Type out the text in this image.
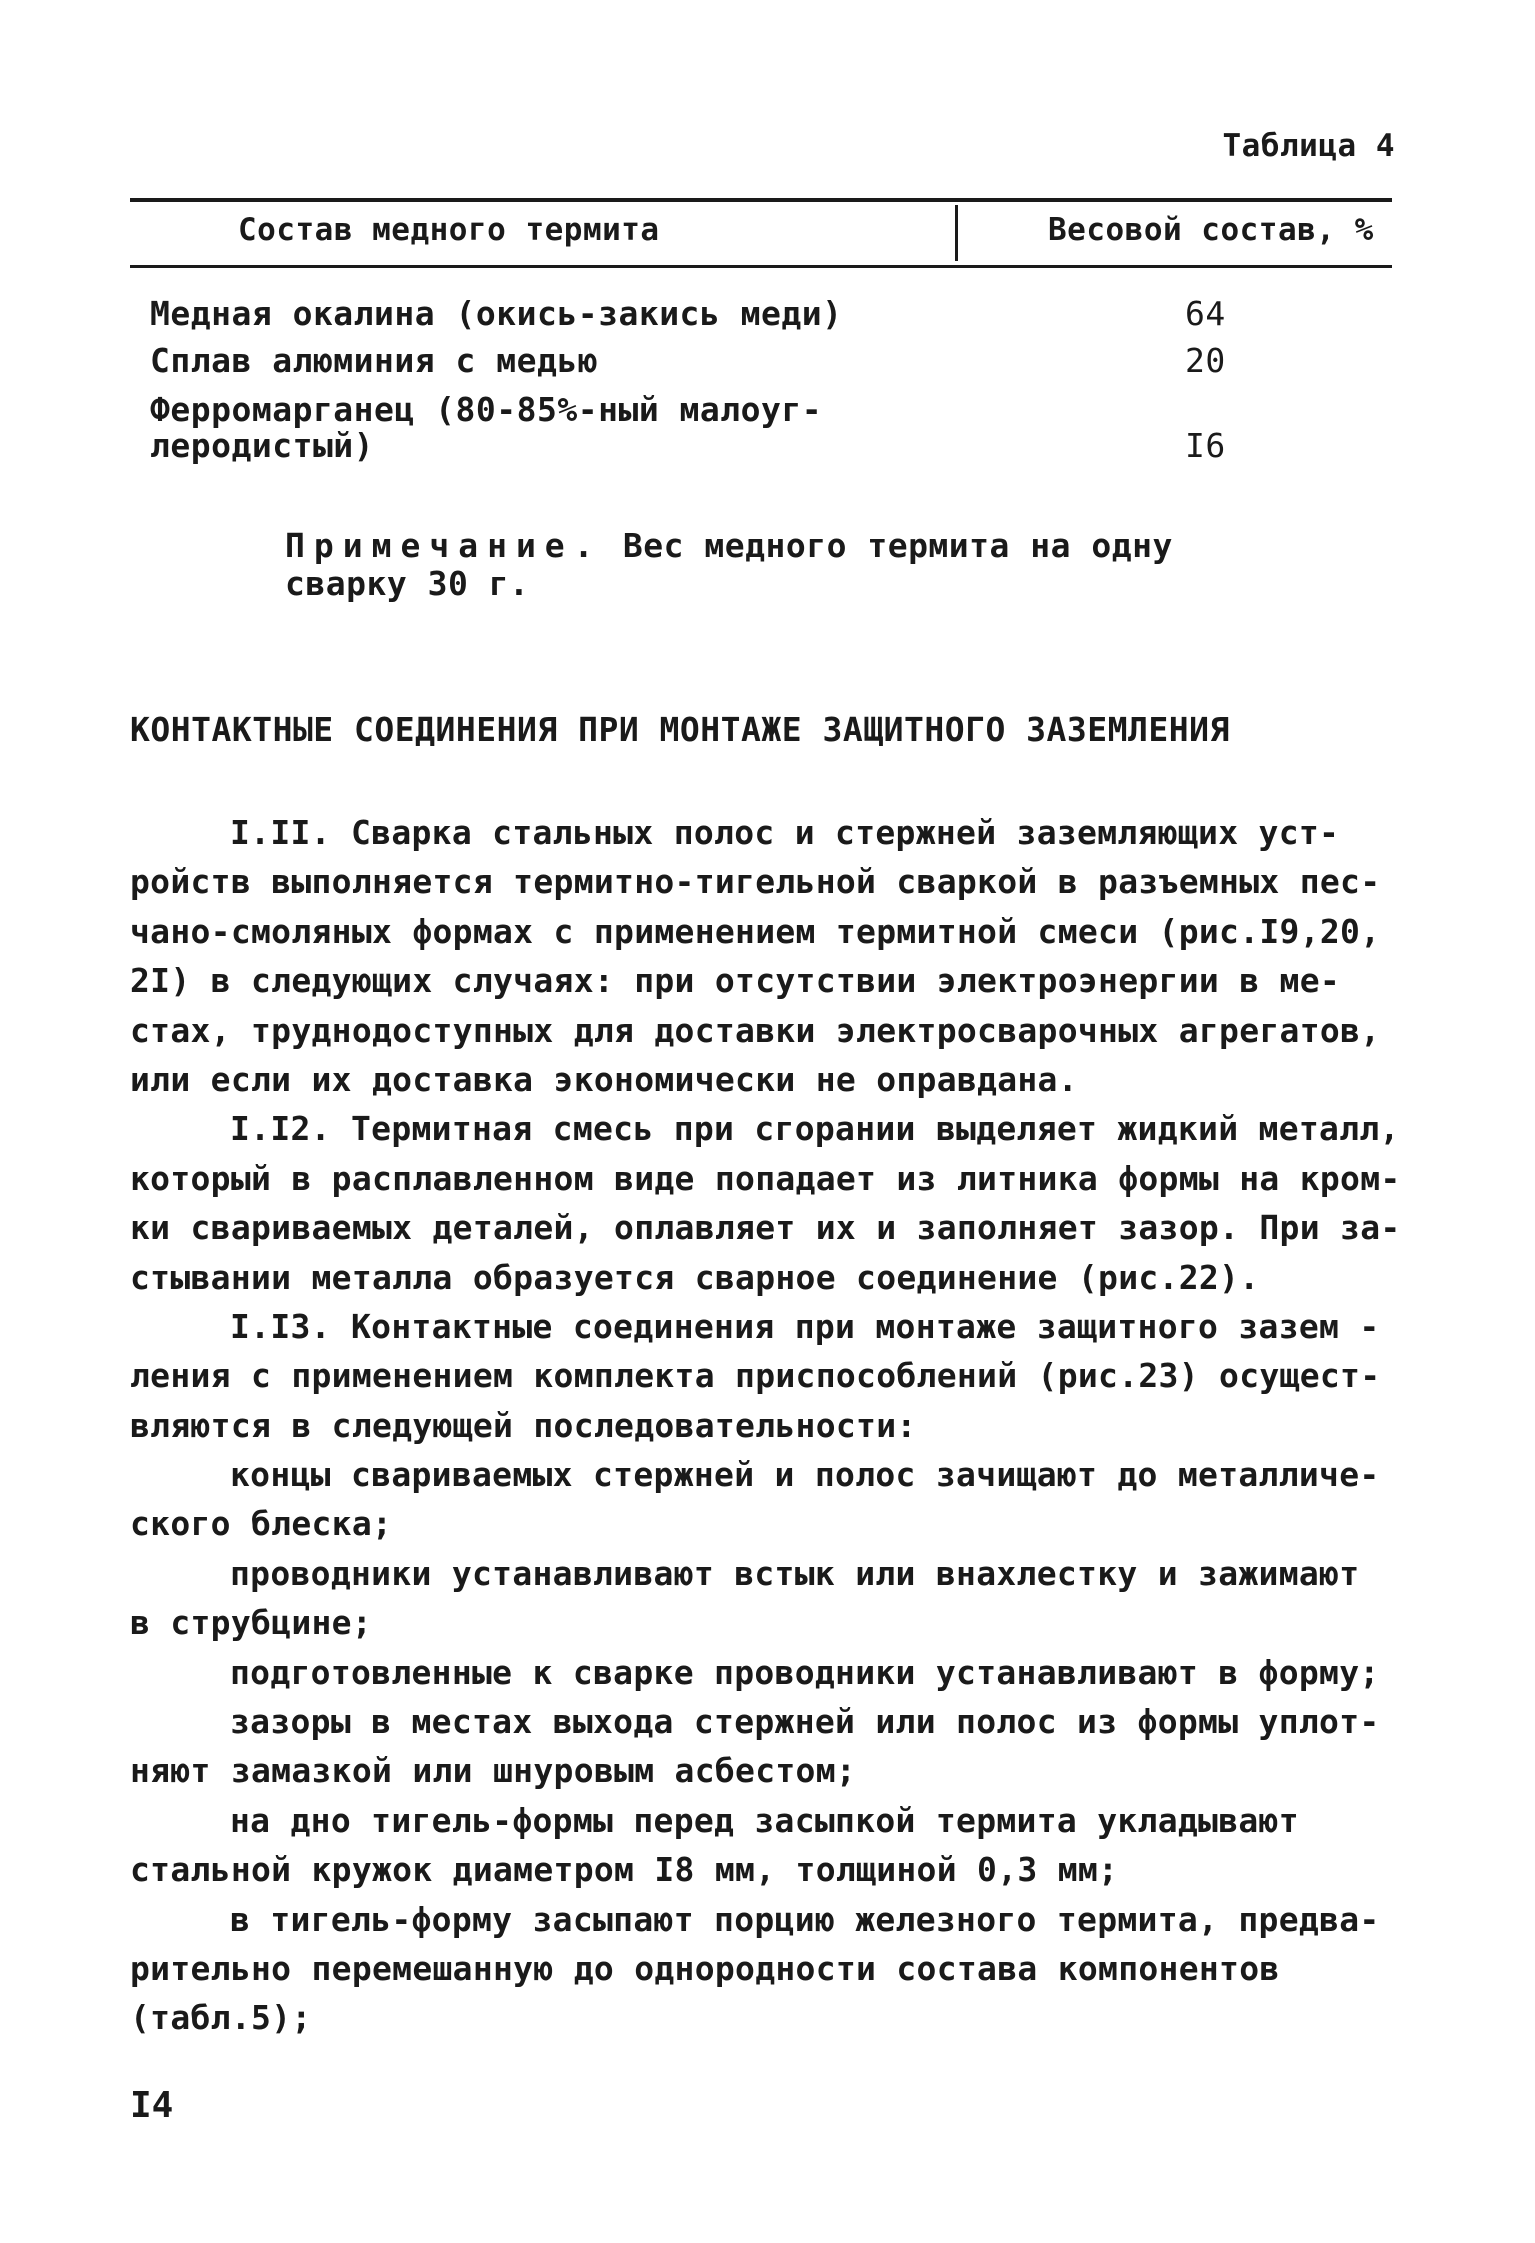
Таблица 4
Состав медного термита	Весовой состав, %
Медная окалина (окись-закись меди)	64
Сплав алюминия с медью	20
Ферромарганец (80-85%-ный малоуг-
леродистый)	I6
Примечание. Вес медного термита на одну
сварку 30 г.
КОНТАКТНЫЕ СОЕДИНЕНИЯ ПРИ МОНТАЖЕ ЗАЩИТНОГО ЗАЗЕМЛЕНИЯ
I.II. Сварка стальных полос и стержней заземляющих уст-
ройств выполняется термитно-тигельной сваркой в разъемных пес-
чано-смоляных формах с применением термитной смеси (рис.I9,20,
2I) в следующих случаях: при отсутствии электроэнергии в ме-
стах, труднодоступных для доставки электросварочных агрегатов,
или если их доставка экономически не оправдана.
I.I2. Термитная смесь при сгорании выделяет жидкий металл,
который в расплавленном виде попадает из литника формы на кром-
ки свариваемых деталей, оплавляет их и заполняет зазор. При за-
стывании металла образуется сварное соединение (рис.22).
I.I3. Контактные соединения при монтаже защитного зазем -
ления с применением комплекта приспособлений (рис.23) осущест-
вляются в следующей последовательности:
концы свариваемых стержней и полос зачищают до металличе-
ского блеска;
проводники устанавливают встык или внахлестку и зажимают
в струбцине;
подготовленные к сварке проводники устанавливают в форму;
зазоры в местах выхода стержней или полос из формы уплот-
няют замазкой или шнуровым асбестом;
на дно тигель-формы перед засыпкой термита укладывают
стальной кружок диаметром I8 мм, толщиной 0,3 мм;
в тигель-форму засыпают порцию железного термита, предва-
рительно перемешанную до однородности состава компонентов
(табл.5);
I4
